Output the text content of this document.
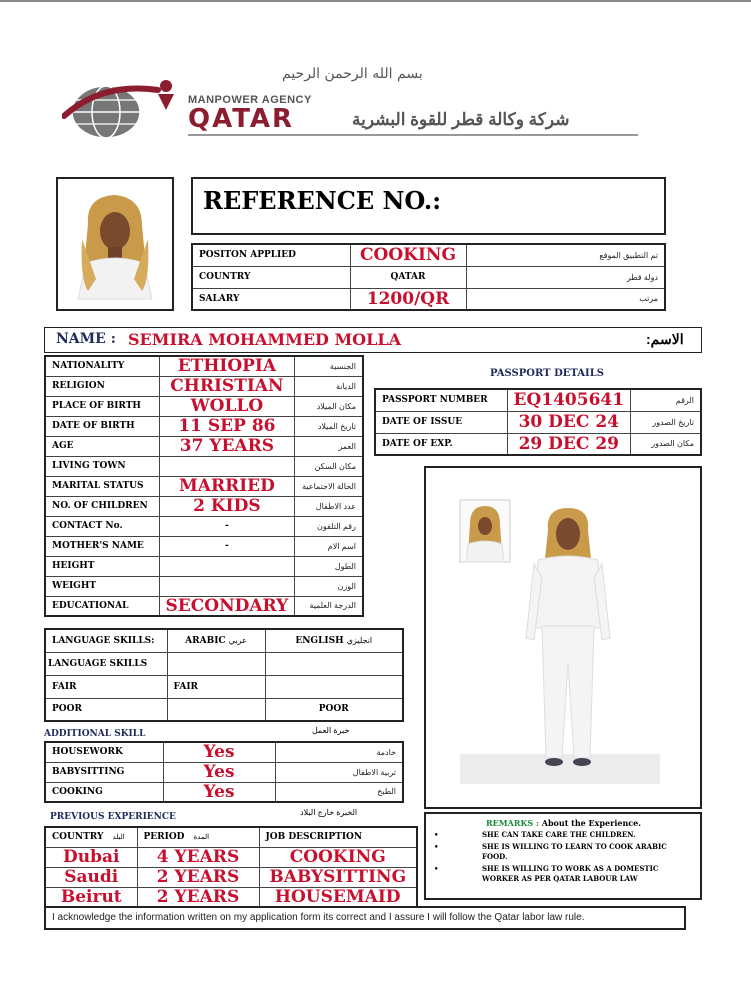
بسم الله الرحمن الرحيم
MANPOWER AGENCY
QATAR	شركة وكالة قطر للقوة البشرية
REFERENCE NO.:
POSITON APPLIED	COOKING	تم التطبيق الموقع
COUNTRY	QATAR	دولة قطر
SALARY	1200/QR	مرتب
NAME : SEMIRA MOHAMMED MOLLA	الاسم:
NATIONALITY	ETHIOPIA	الجنسية
RELIGION	CHRISTIAN	الديانة
PLACE OF BIRTH	WOLLO	مكان الميلاد
DATE OF BIRTH	11 SEP 86	تاريخ الميلاد
AGE	37 YEARS	العمر
LIVING TOWN		مكان السكن
MARITAL STATUS	MARRIED	الحالة الاجتماعية
NO. OF CHILDREN	2 KIDS	عدد الاطفال
CONTACT No.	-	رقم التلفون
MOTHER'S NAME	-	اسم الام
HEIGHT		الطول
WEIGHT		الوزن
EDUCATIONAL	SECONDARY	الدرجة العلمية
PASSPORT DETAILS
PASSPORT NUMBER	EQ1405641	الرقم
DATE OF ISSUE	30 DEC 24	تاريخ الصدور
DATE OF EXP.	29 DEC 29	مكان الصدور
LANGUAGE SKILLS:	ARABIC عربي	ENGLISH انجليزي
LANGUAGE SKILLS		
FAIR	FAIR	
POOR		POOR
ADDITIONAL SKILL	خبرة العمل
HOUSEWORK	Yes	خادمة
BABYSITTING	Yes	تربية الاطفال
COOKING	Yes	الطبخ
PREVIOUS EXPERIENCE	الخبرة خارج البلاد
COUNTRY البلد	PERIOD المدة	JOB DESCRIPTION
Dubai	4 YEARS	COOKING
Saudi	2 YEARS	BABYSITTING
Beirut	2 YEARS	HOUSEMAID
REMARKS : About the Experience.
•	SHE CAN TAKE CARE THE CHILDREN.
•	SHE IS WILLING TO LEARN TO COOK ARABIC FOOD.
•	SHE IS WILLING TO WORK AS A DOMESTIC WORKER AS PER QATAR LABOUR LAW
I acknowledge the information written on my application form its correct and I assure I will follow the Qatar labor law rule.
